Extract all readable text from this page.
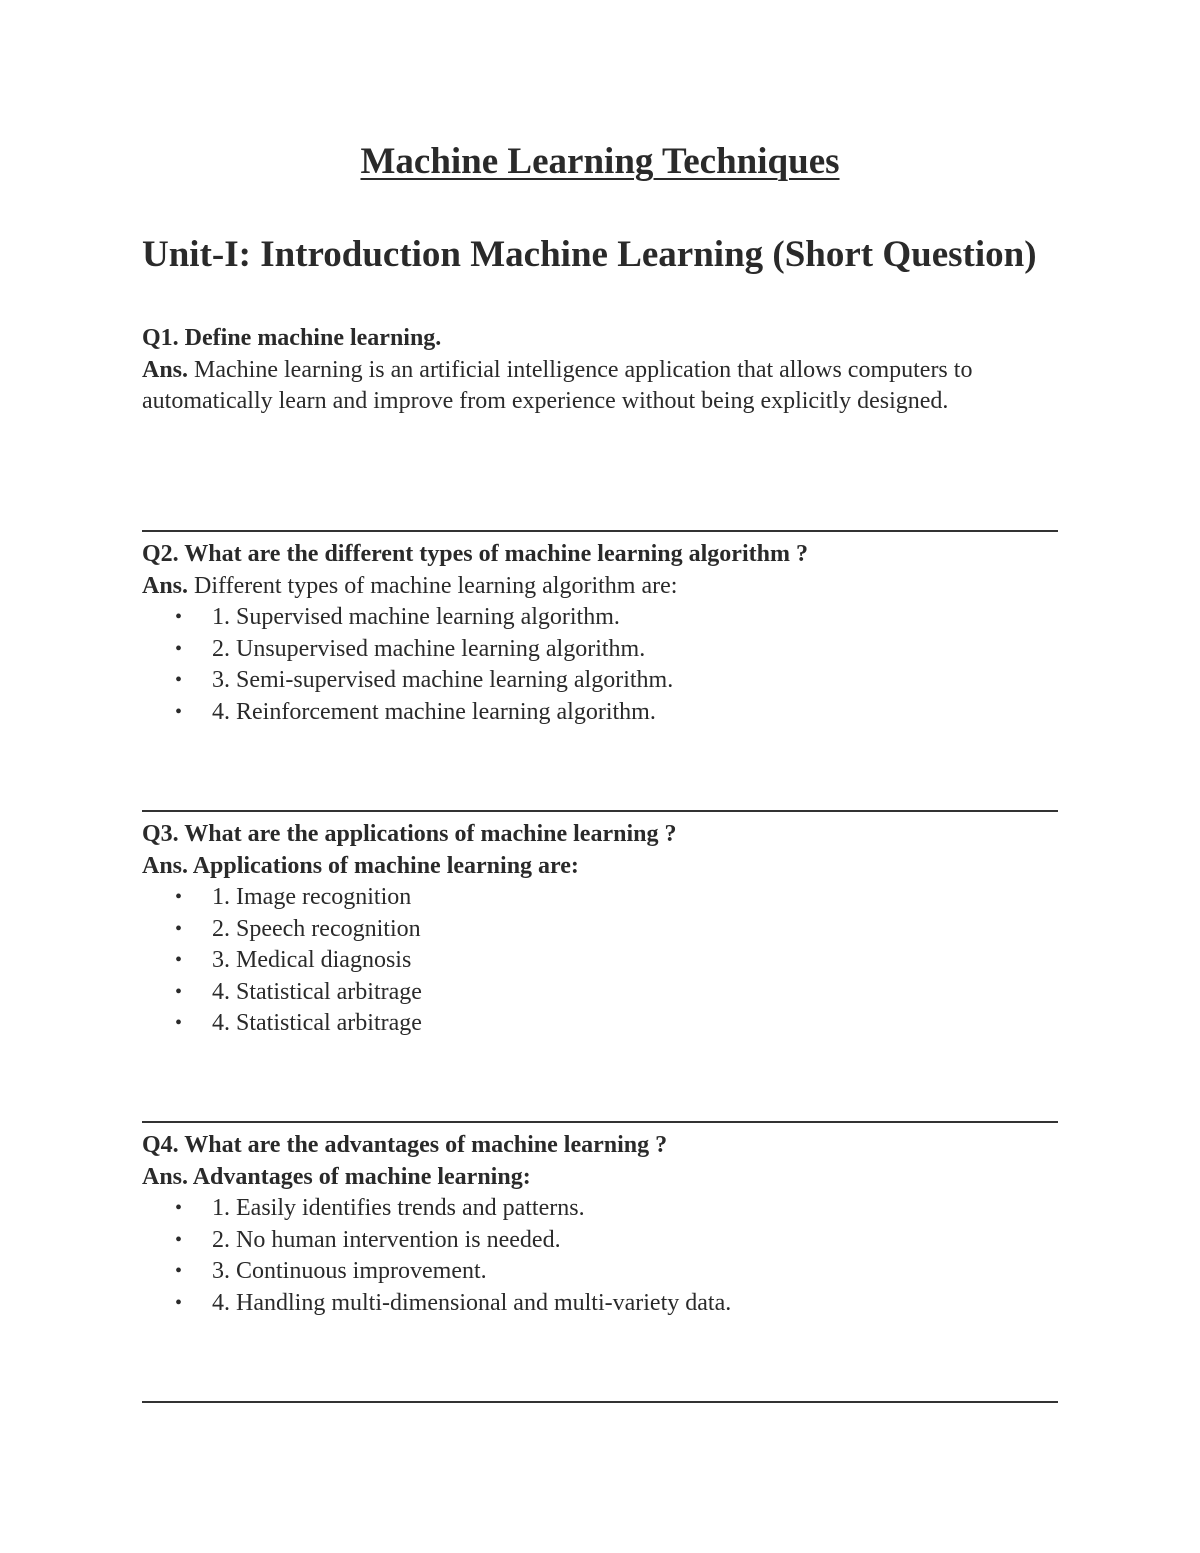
Machine Learning Techniques
Unit-I: Introduction Machine Learning (Short Question)

Q1. Define machine learning.

Ans. Machine learning is an artificial intelligence application that allows computers to automatically learn and improve from experience without being explicitly designed.

Q2. What are the different types of machine learning algorithm ?

Ans. Different types of machine learning algorithm are:

• 1. Supervised machine learning algorithm.
• 2. Unsupervised machine learning algorithm.
• 3. Semi-supervised machine learning algorithm.
• 4. Reinforcement machine learning algorithm.

Q3. What are the applications of machine learning ?

Ans. Applications of machine learning are:

• 1. Image recognition
• 2. Speech recognition
• 3. Medical diagnosis
• 4. Statistical arbitrage
• 4. Statistical arbitrage

Q4. What are the advantages of machine learning ?

Ans. Advantages of machine learning:

• 1. Easily identifies trends and patterns.
• 2. No human intervention is needed.
• 3. Continuous improvement.
• 4. Handling multi-dimensional and multi-variety data.
